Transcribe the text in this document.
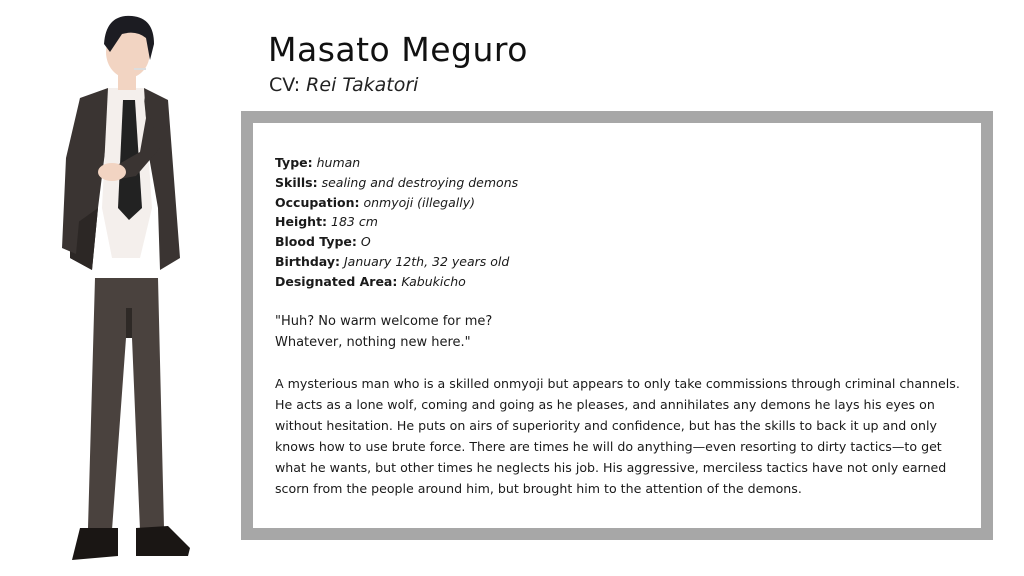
Masato Meguro
CV: Rei Takatori
Type: human
Skills: sealing and destroying demons
Occupation: onmyoji (illegally)
Height: 183 cm
Blood Type: O
Birthday: January 12th, 32 years old
Designated Area: Kabukicho
"Huh? No warm welcome for me?
Whatever, nothing new here."
A mysterious man who is a skilled onmyoji but appears to only take commissions through criminal channels. He acts as a lone wolf, coming and going as he pleases, and annihilates any demons he lays his eyes on without hesitation. He puts on airs of superiority and confidence, but has the skills to back it up and only knows how to use brute force. There are times he will do anything—even resorting to dirty tactics—to get what he wants, but other times he neglects his job. His aggressive, merciless tactics have not only earned scorn from the people around him, but brought him to the attention of the demons.
